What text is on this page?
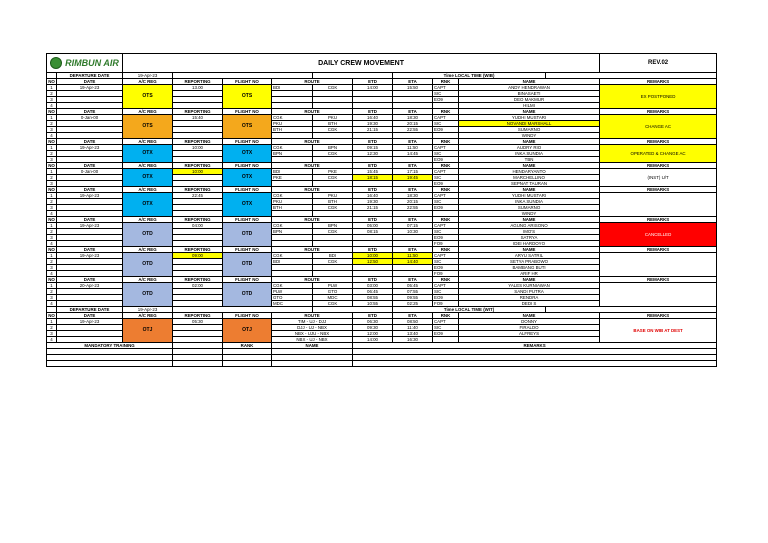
RIMBUN AIR		DAILY CREW MOVEMENT										REV.02
	DEPARTURE DATE	19-Apr-23						Time LOCAL TIME (WIB)				
NO	DATE	A/C REG	REPORTING	FLIGHT NO	ROUTE		ETD	ETA	RNK	NAME		REMARKS
1	19-Apr-23	OTS	13.00	OTS	BDI	CGK	14:00	15:50	CAPT	ANDY HENDRAWAN		EX POSTPONED
2									SIC	BINASAETI		
3									EO9	DEO MAKMUR		
4										HILMI		
NO	DATE	A/C REG	REPORTING	FLIGHT NO	ROUTE		ETD	ETA	RNK	NAME		REMARKS
1	0-Jan-00	OTS	15:40	OTS	CGK	PKU	16:40	18:30	CAPT	YUDHI MUSTARI		CHANGE AC
2					PKU	BTH	19:30	20:15	SIC	NOVANDI MARSHALL		
3					BTH	CGK	21:15	22:55	EO9	SUMARNO		
4										WINDY		
NO	DATE	A/C REG	REPORTING	FLIGHT NO	ROUTE		ETD	ETA	RNK	NAME		REMARKS
1	19-Apr-23	OTX	10:00	OTX	CGK	BPN	09:15	11:50	CAPT	AUDRY RIO		OPERATED & CHANGE AC
2					BPN	CGK	12:30	14:45	SIC	INKA SUNDIA		
3									EO9	TBN		
NO	DATE	A/C REG	REPORTING	FLIGHT NO	ROUTE		ETD	ETA	RNK	NAME		REMARKS
1	0-Jan-00	OTX	10:00	OTX	BDI	PKE	15:45	17:15	CAPT	HENDARYANTO		(INST) U/T
2					PKE	CGK	18:15	19:45	SIC	MARCHELLINO		
3									EO9	SEPNAT TAURAN		
NO	DATE	A/C REG	REPORTING	FLIGHT NO	ROUTE		ETD	ETA	RNK	NAME		REMARKS
1	19-Apr-23	OTX	22:45	OTX	CGK	PKU	16:40	18:30	CAPT	YUDHI MUSTARI		
2					PKU	BTH	19:30	20:15	SIC	INKA SUNDIA		
3					BTH	CGK	21:15	22:55	EO9	SUMARNO		
4										WINDY		
NO	DATE	A/C REG	REPORTING	FLIGHT NO	ROUTE		ETD	ETA	RNK	NAME		REMARKS
1	19-Apr-23	OTD	04:00	OTD	CGK	BPN	05:00	07:15	CAPT	AGUNG ARISONO		CANCELLED
2					BPN	CGK	08:15	10:30	SIC	IMO'S		
3									EO9	SATRYA		
4									FO9	IDEI HARDOYO		
NO	DATE	A/C REG	REPORTING	FLIGHT NO	ROUTE		ETD	ETA	RNK	NAME		REMARKS
1	19-Apr-23	OTD	09:00	OTD	CGK	BDI	10:00	11:50	CAPT	ARYU SATRIL		
2					BDI	CGK	12:50	14:40	SIC	SETYA PRABOWO		
3									EO9	BAMBANG BUTI		
4									FO9	ARIF HR		
NO	DATE	A/C REG	REPORTING	FLIGHT NO	ROUTE		ETD	ETA	RNK	NAME		REMARKS
1	20-Apr-23	OTD	02:00	OTD	CGK	PLW	03:00	05:45	CAPT	YALES KURNIAWAN		
2					PLW	GTO	06:45	07:55	SIC	SANDI PUTRA		
3					GTO	MDC	08:55	09:55	EO9	RENDRA		
4					MDC	CGK	10:55	02:25	FO9	DEDI S		
	DEPARTURE DATE	19-Apr-23						Time LOCAL TIME (WIT)				
NO	DATE	A/C REG	REPORTING	FLIGHT NO	ROUTE		ETD	ETA	RNK	NAME		REMARKS
1	19-Apr-23	OTJ	05:30	OTJ	TIM - UJ - DJJ		06:30	08:50	CAPT	DONNY		BASE ON WIB AT DEST
2					DJJ - UJ - NBX		09:30	11:40	SIC	FIRALDO		
3					NBX - UJU - NBX		12:00	13:40	EO9	ALFREYS		
4					NBX - UJ - NBX		14:00	16:30				
MANDATORY TRAINING				RANK	NAME		REMARKS					
